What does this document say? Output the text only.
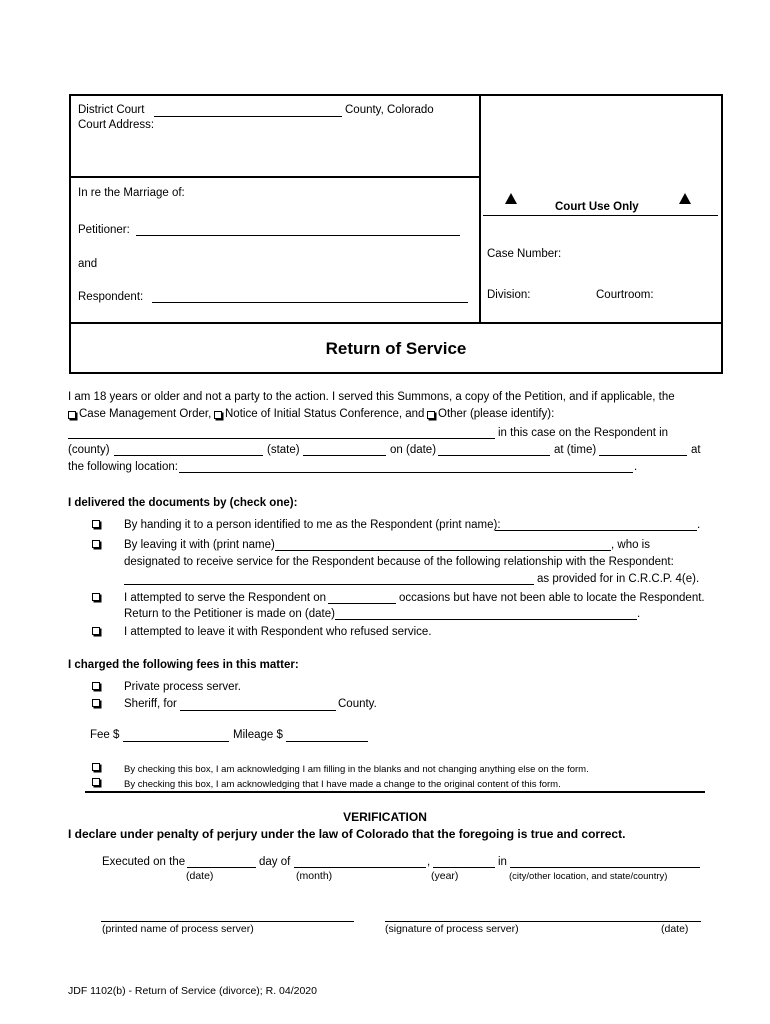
District Court	County, Colorado
Court Address:
In re the Marriage of:
Petitioner:
and
Respondent:
Court Use Only
Case Number:
Division:	Courtroom:
Return of Service
I am 18 years or older and not a party to the action. I served this Summons, a copy of the Petition, and if applicable, the
Case Management Order, Notice of Initial Status Conference, and Other (please identify):
in this case on the Respondent in
(county)	(state)	on (date)	at (time)	at
the following location:	.
I delivered the documents by (check one):
By handing it to a person identified to me as the Respondent (print name):	.
By leaving it with (print name)	, who is
designated to receive service for the Respondent because of the following relationship with the Respondent:
as provided for in C.R.C.P. 4(e).
I attempted to serve the Respondent on	occasions but have not been able to locate the Respondent.
Return to the Petitioner is made on (date)	.
I attempted to leave it with Respondent who refused service.
I charged the following fees in this matter:
Private process server.
Sheriff, for	County.
Fee $	Mileage $
By checking this box, I am acknowledging I am filling in the blanks and not changing anything else on the form.
By checking this box, I am acknowledging that I have made a change to the original content of this form.
VERIFICATION
I declare under penalty of perjury under the law of Colorado that the foregoing is true and correct.
Executed on the	day of	,	in
(date)	(month)	(year)	(city/other location, and state/country)
(printed name of process server)	(signature of process server)	(date)
JDF 1102(b) - Return of Service (divorce); R. 04/2020
